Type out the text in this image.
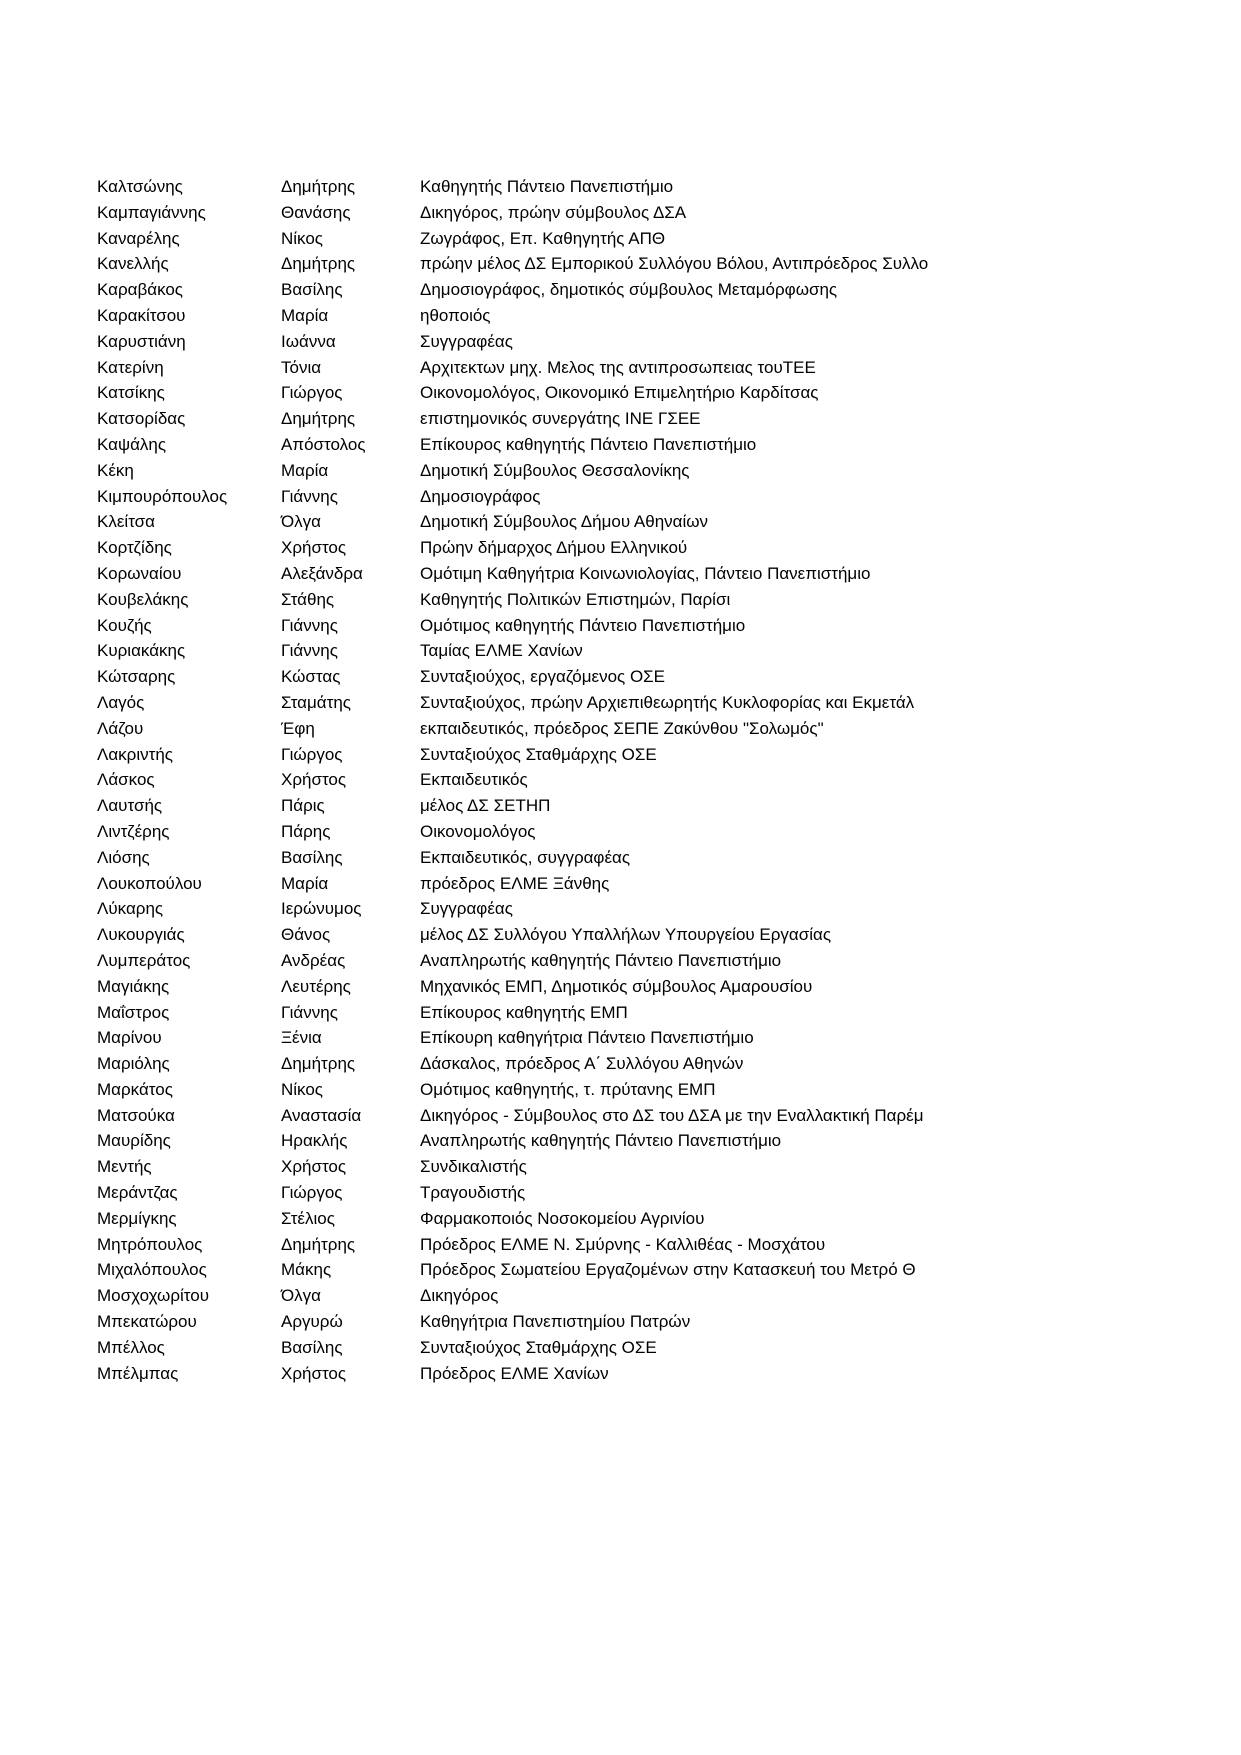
Καλτσώνης	Δημήτρης	Καθηγητής Πάντειο Πανεπιστήμιο
Καμπαγιάννης	Θανάσης	Δικηγόρος, πρώην σύμβουλος ΔΣΑ
Καναρέλης	Νίκος	Ζωγράφος, Επ. Καθηγητής ΑΠΘ
Κανελλής	Δημήτρης	πρώην μέλος ΔΣ Εμπορικού Συλλόγου Βόλου, Αντιπρόεδρος Συλλο
Καραβάκος	Βασίλης	Δημοσιογράφος, δημοτικός σύμβουλος Μεταμόρφωσης
Καρακίτσου	Μαρία	ηθοποιός
Καρυστιάνη	Ιωάννα	Συγγραφέας
Κατερίνη	Τόνια	Αρχιτεκτων μηχ. Μελος της αντιπροσωπειας τουΤΕΕ
Κατσίκης	Γιώργος	Οικονομολόγος, Οικονομικό Επιμελητήριο Καρδίτσας
Κατσορίδας	Δημήτρης	επιστημονικός συνεργάτης ΙΝΕ ΓΣΕΕ
Καψάλης	Απόστολος	Επίκουρος καθηγητής Πάντειο Πανεπιστήμιο
Κέκη	Μαρία	Δημοτική Σύμβουλος Θεσσαλονίκης
Κιμπουρόπουλος	Γιάννης	Δημοσιογράφος
Κλείτσα	Όλγα	Δημοτική Σύμβουλος Δήμου Αθηναίων
Κορτζίδης	Χρήστος	Πρώην δήμαρχος Δήμου Ελληνικού
Κορωναίου	Αλεξάνδρα	Ομότιμη Καθηγήτρια Κοινωνιολογίας, Πάντειο Πανεπιστήμιο
Κουβελάκης	Στάθης	Καθηγητής Πολιτικών Επιστημών, Παρίσι
Κουζής	Γιάννης	Ομότιμος καθηγητής Πάντειο Πανεπιστήμιο
Κυριακάκης	Γιάννης	Ταμίας ΕΛΜΕ Χανίων
Κώτσαρης	Κώστας	Συνταξιούχος, εργαζόμενος ΟΣΕ
Λαγός	Σταμάτης	Συνταξιούχος, πρώην Αρχιεπιθεωρητής Κυκλοφορίας και Εκμετάλ
Λάζου	Έφη	εκπαιδευτικός, πρόεδρος ΣΕΠΕ Ζακύνθου "Σολωμός"
Λακριντής	Γιώργος	Συνταξιούχος Σταθμάρχης ΟΣΕ
Λάσκος	Χρήστος	Εκπαιδευτικός
Λαυτσής	Πάρις	μέλος ΔΣ ΣΕΤΗΠ
Λιντζέρης	Πάρης	Οικονομολόγος
Λιόσης	Βασίλης	Εκπαιδευτικός, συγγραφέας
Λουκοπούλου	Μαρία	πρόεδρος ΕΛΜΕ Ξάνθης
Λύκαρης	Ιερώνυμος	Συγγραφέας
Λυκουργιάς	Θάνος	μέλος ΔΣ Συλλόγου Υπαλλήλων Υπουργείου Εργασίας
Λυμπεράτος	Ανδρέας	Αναπληρωτής καθηγητής Πάντειο Πανεπιστήμιο
Μαγιάκης	Λευτέρης	Μηχανικός ΕΜΠ, Δημοτικός σύμβουλος Αμαρουσίου
Μαΐστρος	Γιάννης	Επίκουρος καθηγητής ΕΜΠ
Μαρίνου	Ξένια	Επίκουρη καθηγήτρια Πάντειο Πανεπιστήμιο
Μαριόλης	Δημήτρης	Δάσκαλος, πρόεδρος Α΄ Συλλόγου Αθηνών
Μαρκάτος	Νίκος	Ομότιμος καθηγητής, τ. πρύτανης ΕΜΠ
Ματσούκα	Αναστασία	Δικηγόρος - Σύμβουλος στο ΔΣ του ΔΣΑ με την Εναλλακτική Παρέμ
Μαυρίδης	Ηρακλής	Αναπληρωτής καθηγητής Πάντειο Πανεπιστήμιο
Μεντής	Χρήστος	Συνδικαλιστής
Μεράντζας	Γιώργος	Τραγουδιστής
Μερμίγκης	Στέλιος	Φαρμακοποιός Νοσοκομείου Αγρινίου
Μητρόπουλος	Δημήτρης	Πρόεδρος ΕΛΜΕ Ν. Σμύρνης - Καλλιθέας - Μοσχάτου
Μιχαλόπουλος	Μάκης	Πρόεδρος Σωματείου Εργαζομένων στην Κατασκευή του Μετρό Θ
Μοσχοχωρίτου	Όλγα	Δικηγόρος
Μπεκατώρου	Αργυρώ	Καθηγήτρια Πανεπιστημίου Πατρών
Μπέλλος	Βασίλης	Συνταξιούχος Σταθμάρχης ΟΣΕ
Μπέλμπας	Χρήστος	Πρόεδρος ΕΛΜΕ Χανίων
